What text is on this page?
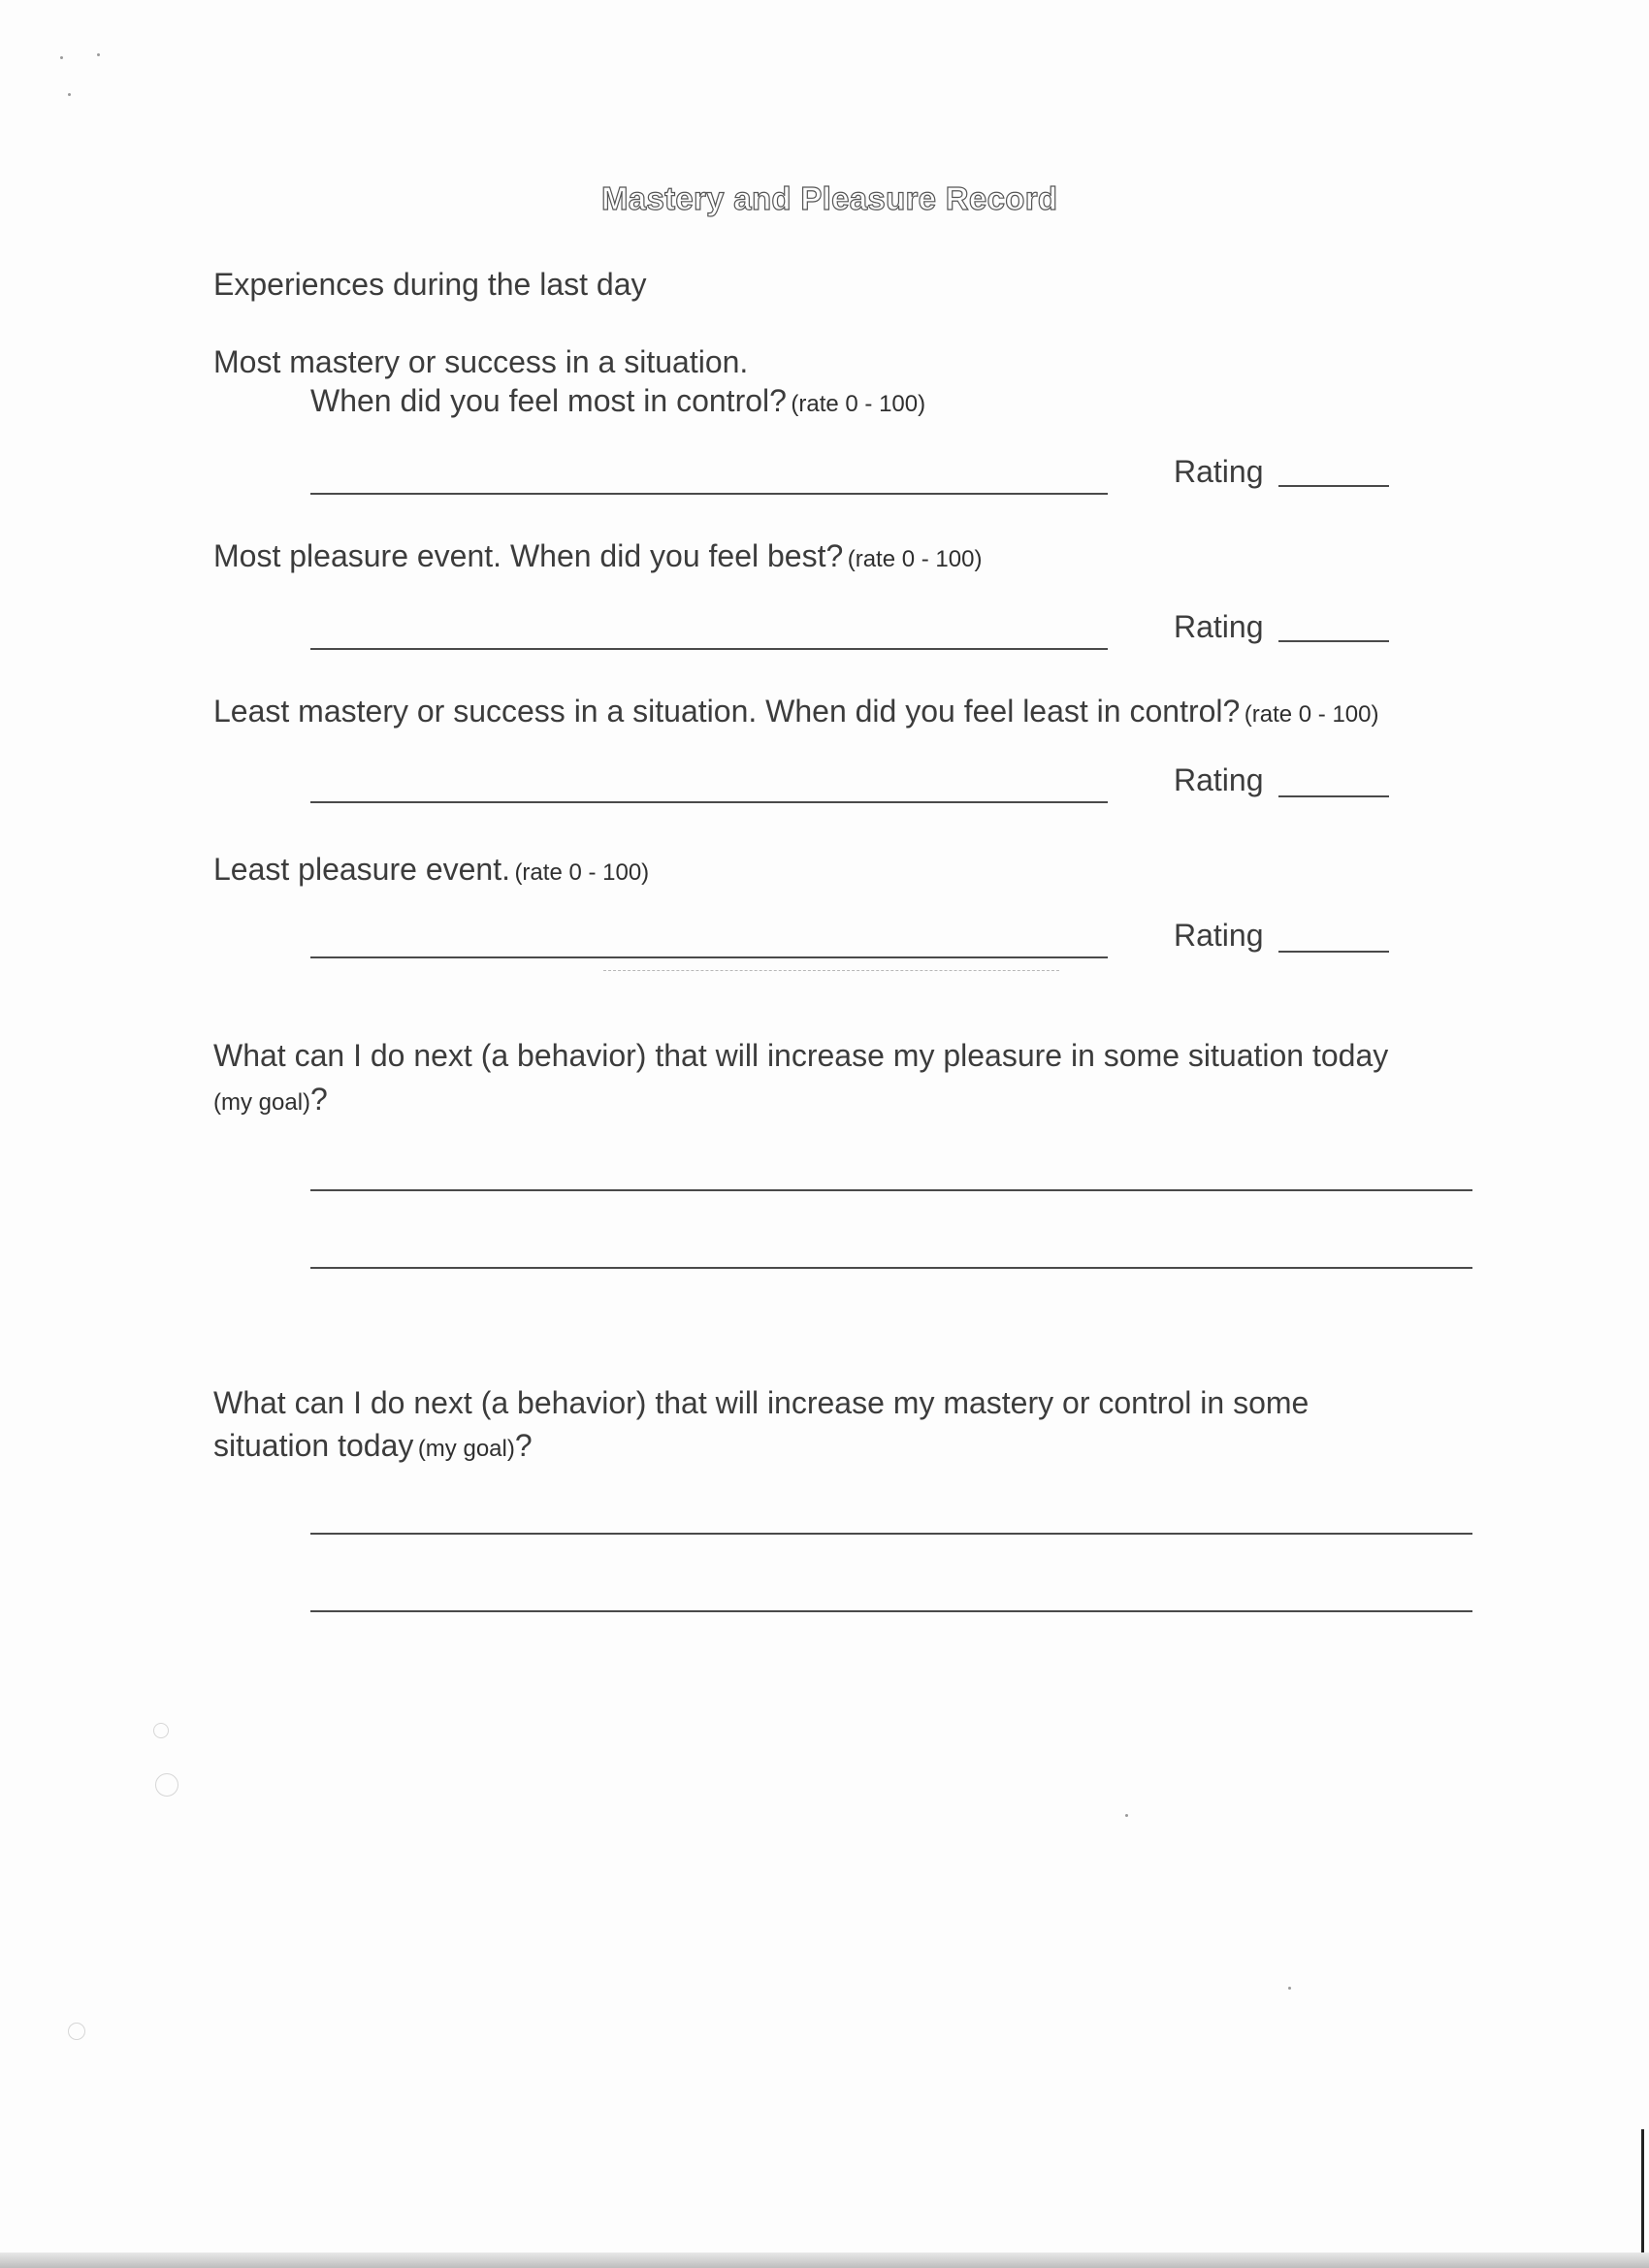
Mastery and Pleasure Record
Experiences during the last day
Most mastery or success in a situation.
When did you feel most in control? (rate 0 - 100)
Rating
Most pleasure event. When did you feel best? (rate 0 - 100)
Rating
Least mastery or success in a situation. When did you feel least in control? (rate 0 - 100)
Rating
Least pleasure event. (rate 0 - 100)
Rating
What can I do next (a behavior) that will increase my pleasure in some situation today
(my goal)?
What can I do next (a behavior) that will increase my mastery or control in some
situation today (my goal)?
